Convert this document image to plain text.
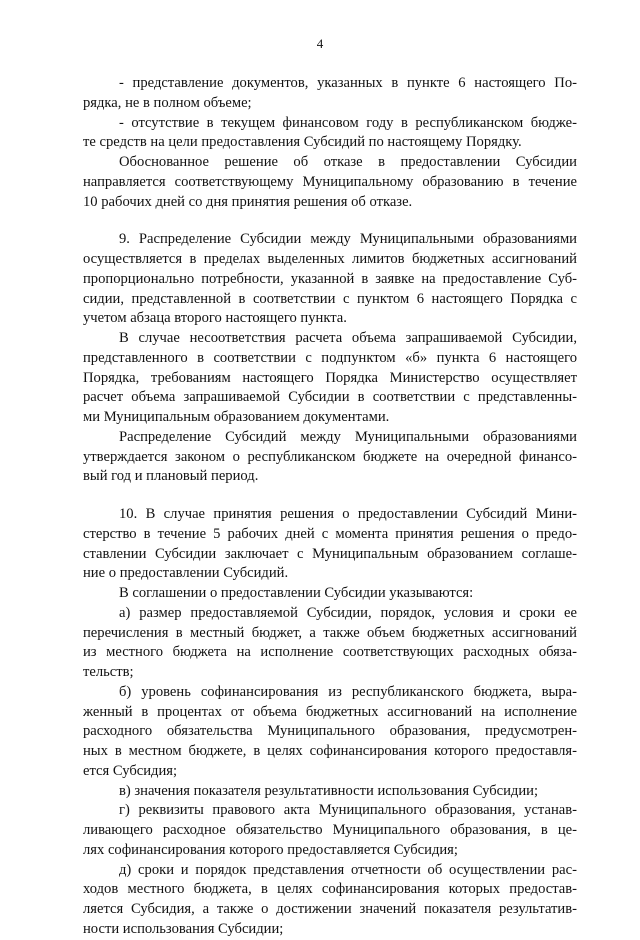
4
- представление документов, указанных в пункте 6 настоящего По-
рядка, не в полном объеме;
- отсутствие в текущем финансовом году в республиканском бюдже-
те средств на цели предоставления Субсидий по настоящему Порядку.
Обоснованное решение об отказе в предоставлении Субсидии
направляется соответствующему Муниципальному образованию в течение
10 рабочих дней со дня принятия решения об отказе.
9. Распределение Субсидии между Муниципальными образованиями
осуществляется в пределах выделенных лимитов бюджетных ассигнований
пропорционально потребности, указанной в заявке на предоставление Суб-
сидии, представленной в соответствии с пунктом 6 настоящего Порядка с
учетом абзаца второго настоящего пункта.
В случае несоответствия расчета объема запрашиваемой Субсидии,
представленного в соответствии с подпунктом «б» пункта 6 настоящего
Порядка, требованиям настоящего Порядка Министерство осуществляет
расчет объема запрашиваемой Субсидии в соответствии с представленны-
ми Муниципальным образованием документами.
Распределение Субсидий между Муниципальными образованиями
утверждается законом о республиканском бюджете на очередной финансо-
вый год и плановый период.
10. В случае принятия решения о предоставлении Субсидий Мини-
стерство в течение 5 рабочих дней с момента принятия решения о предо-
ставлении Субсидии заключает с Муниципальным образованием соглаше-
ние о предоставлении Субсидий.
В соглашении о предоставлении Субсидии указываются:
а) размер предоставляемой Субсидии, порядок, условия и сроки ее
перечисления в местный бюджет, а также объем бюджетных ассигнований
из местного бюджета на исполнение соответствующих расходных обяза-
тельств;
б) уровень софинансирования из республиканского бюджета, выра-
женный в процентах от объема бюджетных ассигнований на исполнение
расходного обязательства Муниципального образования, предусмотрен-
ных в местном бюджете, в целях софинансирования которого предоставля-
ется Субсидия;
в) значения показателя результативности использования Субсидии;
г) реквизиты правового акта Муниципального образования, устанав-
ливающего расходное обязательство Муниципального образования, в це-
лях софинансирования которого предоставляется Субсидия;
д) сроки и порядок представления отчетности об осуществлении рас-
ходов местного бюджета, в целях софинансирования которых предостав-
ляется Субсидия, а также о достижении значений показателя результатив-
ности использования Субсидии;
